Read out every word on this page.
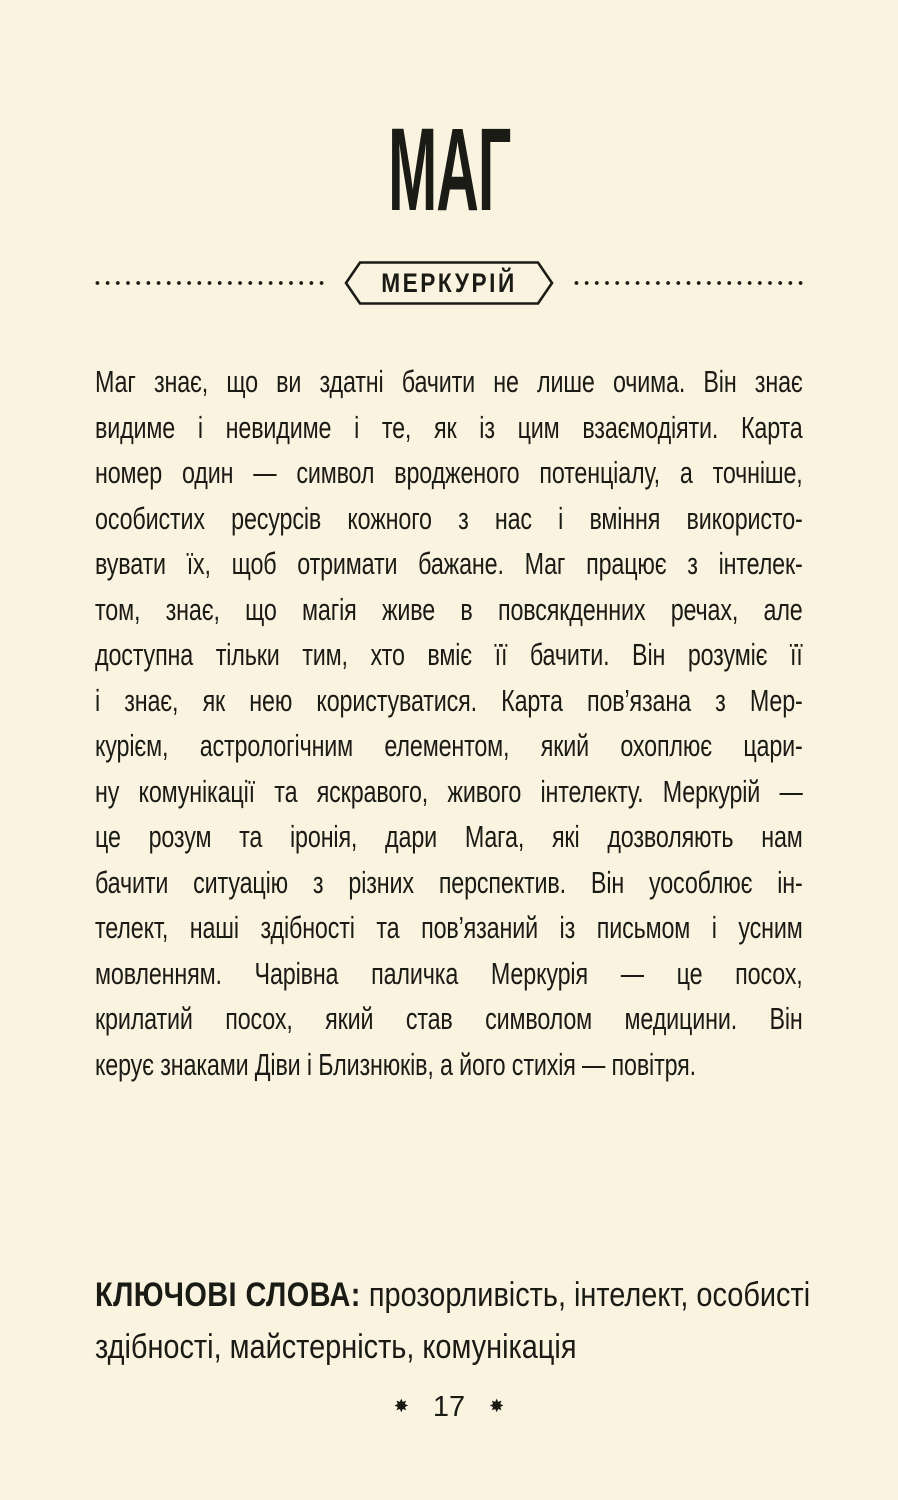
МАГ
МЕРКУРІЙ
Маг знає, що ви здатні бачити не лише очима. Він знає
видиме і невидиме і те, як із цим взаємодіяти. Карта
номер один — символ вродженого потенціалу, а точніше,
особистих ресурсів кожного з нас і вміння використо-
вувати їх, щоб отримати бажане. Маг працює з інтелек-
том, знає, що магія живе в повсякденних речах, але
доступна тільки тим, хто вміє її бачити. Він розуміє її
і знає, як нею користуватися. Карта пов’язана з Мер-
курієм, астрологічним елементом, який охоплює цари-
ну комунікації та яскравого, живого інтелекту. Меркурій —
це розум та іронія, дари Мага, які дозволяють нам
бачити ситуацію з різних перспектив. Він уособлює ін-
телект, наші здібності та пов’язаний із письмом і усним
мовленням. Чарівна паличка Меркурія — це посох,
крилатий посох, який став символом медицини. Він
керує знаками Діви і Близнюків, а його стихія — повітря.

КЛЮЧОВІ СЛОВА: прозорливість, інтелект, особисті
здібності, майстерність, комунікація

✸ 17 ✸
